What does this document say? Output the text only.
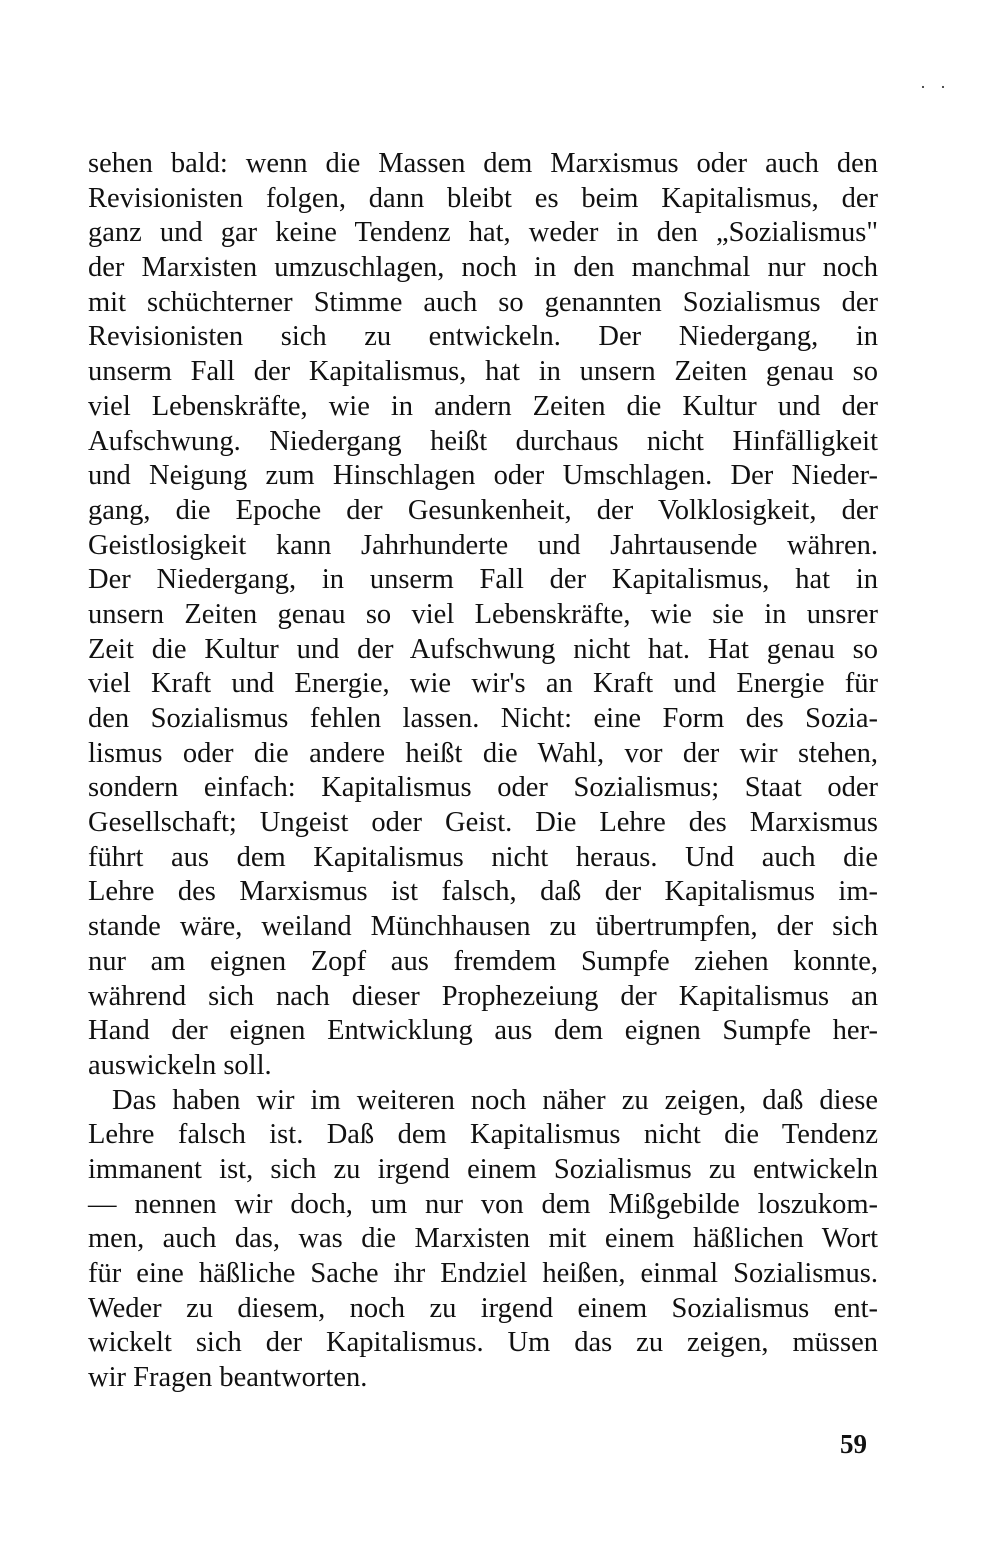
· ·
sehen bald: wenn die Massen dem Marxismus oder auch den
Revisionisten folgen, dann bleibt es beim Kapitalismus, der
ganz und gar keine Tendenz hat, weder in den „Sozialismus"
der Marxisten umzuschlagen, noch in den manchmal nur noch
mit schüchterner Stimme auch so genannten Sozialismus der
Revisionisten sich zu entwickeln. Der Niedergang, in
unserm Fall der Kapitalismus, hat in unsern Zeiten genau so
viel Lebenskräfte, wie in andern Zeiten die Kultur und der
Aufschwung. Niedergang heißt durchaus nicht Hinfälligkeit
und Neigung zum Hinschlagen oder Umschlagen. Der Nieder-
gang, die Epoche der Gesunkenheit, der Volklosigkeit, der
Geistlosigkeit kann Jahrhunderte und Jahrtausende währen.
Der Niedergang, in unserm Fall der Kapitalismus, hat in
unsern Zeiten genau so viel Lebenskräfte, wie sie in unsrer
Zeit die Kultur und der Aufschwung nicht hat. Hat genau so
viel Kraft und Energie, wie wir's an Kraft und Energie für
den Sozialismus fehlen lassen. Nicht: eine Form des Sozia-
lismus oder die andere heißt die Wahl, vor der wir stehen,
sondern einfach: Kapitalismus oder Sozialismus; Staat oder
Gesellschaft; Ungeist oder Geist. Die Lehre des Marxismus
führt aus dem Kapitalismus nicht heraus. Und auch die
Lehre des Marxismus ist falsch, daß der Kapitalismus im-
stande wäre, weiland Münchhausen zu übertrumpfen, der sich
nur am eignen Zopf aus fremdem Sumpfe ziehen konnte,
während sich nach dieser Prophezeiung der Kapitalismus an
Hand der eignen Entwicklung aus dem eignen Sumpfe her-
auswickeln soll.
Das haben wir im weiteren noch näher zu zeigen, daß diese
Lehre falsch ist. Daß dem Kapitalismus nicht die Tendenz
immanent ist, sich zu irgend einem Sozialismus zu entwickeln
— nennen wir doch, um nur von dem Mißgebilde loszukom-
men, auch das, was die Marxisten mit einem häßlichen Wort
für eine häßliche Sache ihr Endziel heißen, einmal Sozialismus.
Weder zu diesem, noch zu irgend einem Sozialismus ent-
wickelt sich der Kapitalismus. Um das zu zeigen, müssen
wir Fragen beantworten.
59
